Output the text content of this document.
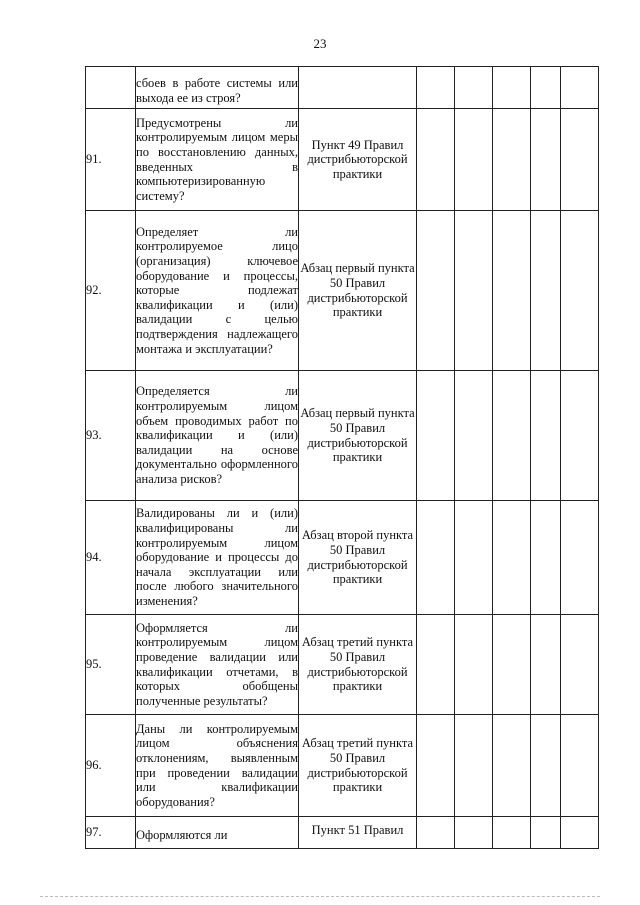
23

	сбоев в работе системы или выхода ее из строя?						

91.	Предусмотрены ли контролируемым лицом меры по восстановлению данных, введенных в компьютеризированную систему?	Пункт 49 Правил дистрибьюторской практики					
92.	Определяет ли контролируемое лицо (организация) ключевое оборудование и процессы, которые подлежат квалификации и (или) валидации с целью подтверждения надлежащего монтажа и эксплуатации?	Абзац первый пункта 50 Правил дистрибьюторской практики					
93.	Определяется ли контролируемым лицом объем проводимых работ по квалификации и (или) валидации на основе документально оформленного анализа рисков?	Абзац первый пункта 50 Правил дистрибьюторской практики					
94.	Валидированы ли и (или) квалифицированы ли контролируемым лицом оборудование и процессы до начала эксплуатации или после любого значительного изменения?	Абзац второй пункта 50 Правил дистрибьюторской практики					
95.	Оформляется ли контролируемым лицом проведение валидации или квалификации отчетами, в которых обобщены полученные результаты?	Абзац третий пункта 50 Правил дистрибьюторской практики					
96.	Даны ли контролируемым лицом объяснения отклонениям, выявленным при проведении валидации или квалификации оборудования?	Абзац третий пункта 50 Правил дистрибьюторской практики					
97.	Оформляются ли	Пункт 51 Правил					
